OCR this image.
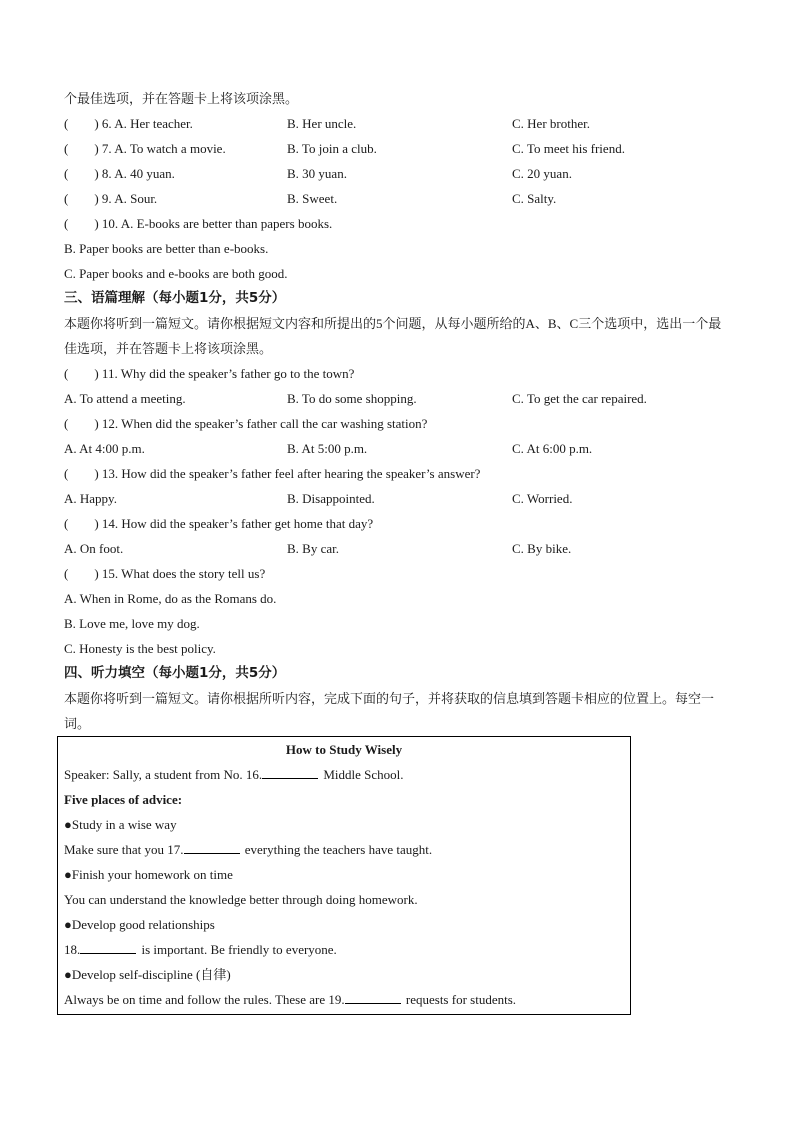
个最佳选项，并在答题卡上将该项涂黑。
(　　) 6. A. Her teacher.	B. Her uncle.	C. Her brother.
(　　) 7. A. To watch a movie.	B. To join a club.	C. To meet his friend.
(　　) 8. A. 40 yuan.	B. 30 yuan.	C. 20 yuan.
(　　) 9. A. Sour.	B. Sweet.	C. Salty.
(　　) 10. A. E-books are better than papers books.
B. Paper books are better than e-books.
C. Paper books and e-books are both good.
三、语篇理解（每小题1分，共5分）
本题你将听到一篇短文。请你根据短文内容和所提出的5个问题，从每小题所给的A、B、C三个选项中，选出一个最佳选项，并在答题卡上将该项涂黑。
(　　) 11. Why did the speaker’s father go to the town?
A. To attend a meeting.	B. To do some shopping.	C. To get the car repaired.
(　　) 12. When did the speaker’s father call the car washing station?
A. At 4:00 p.m.	B. At 5:00 p.m.	C. At 6:00 p.m.
(　　) 13. How did the speaker’s father feel after hearing the speaker’s answer?
A. Happy.	B. Disappointed.	C. Worried.
(　　) 14. How did the speaker’s father get home that day?
A. On foot.	B. By car.	C. By bike.
(　　) 15. What does the story tell us?
A. When in Rome, do as the Romans do.
B. Love me, love my dog.
C. Honesty is the best policy.
四、听力填空（每小题1分，共5分）
本题你将听到一篇短文。请你根据所听内容，完成下面的句子，并将获取的信息填到答题卡相应的位置上。每空一词。
How to Study Wisely
Speaker: Sally, a student from No. 16.	Middle School.
Five places of advice:
●Study in a wise way
Make sure that you 17.	everything the teachers have taught.
●Finish your homework on time
You can understand the knowledge better through doing homework.
●Develop good relationships
18.	is important. Be friendly to everyone.
●Develop self-discipline (自律)
Always be on time and follow the rules. These are 19.	requests for students.
